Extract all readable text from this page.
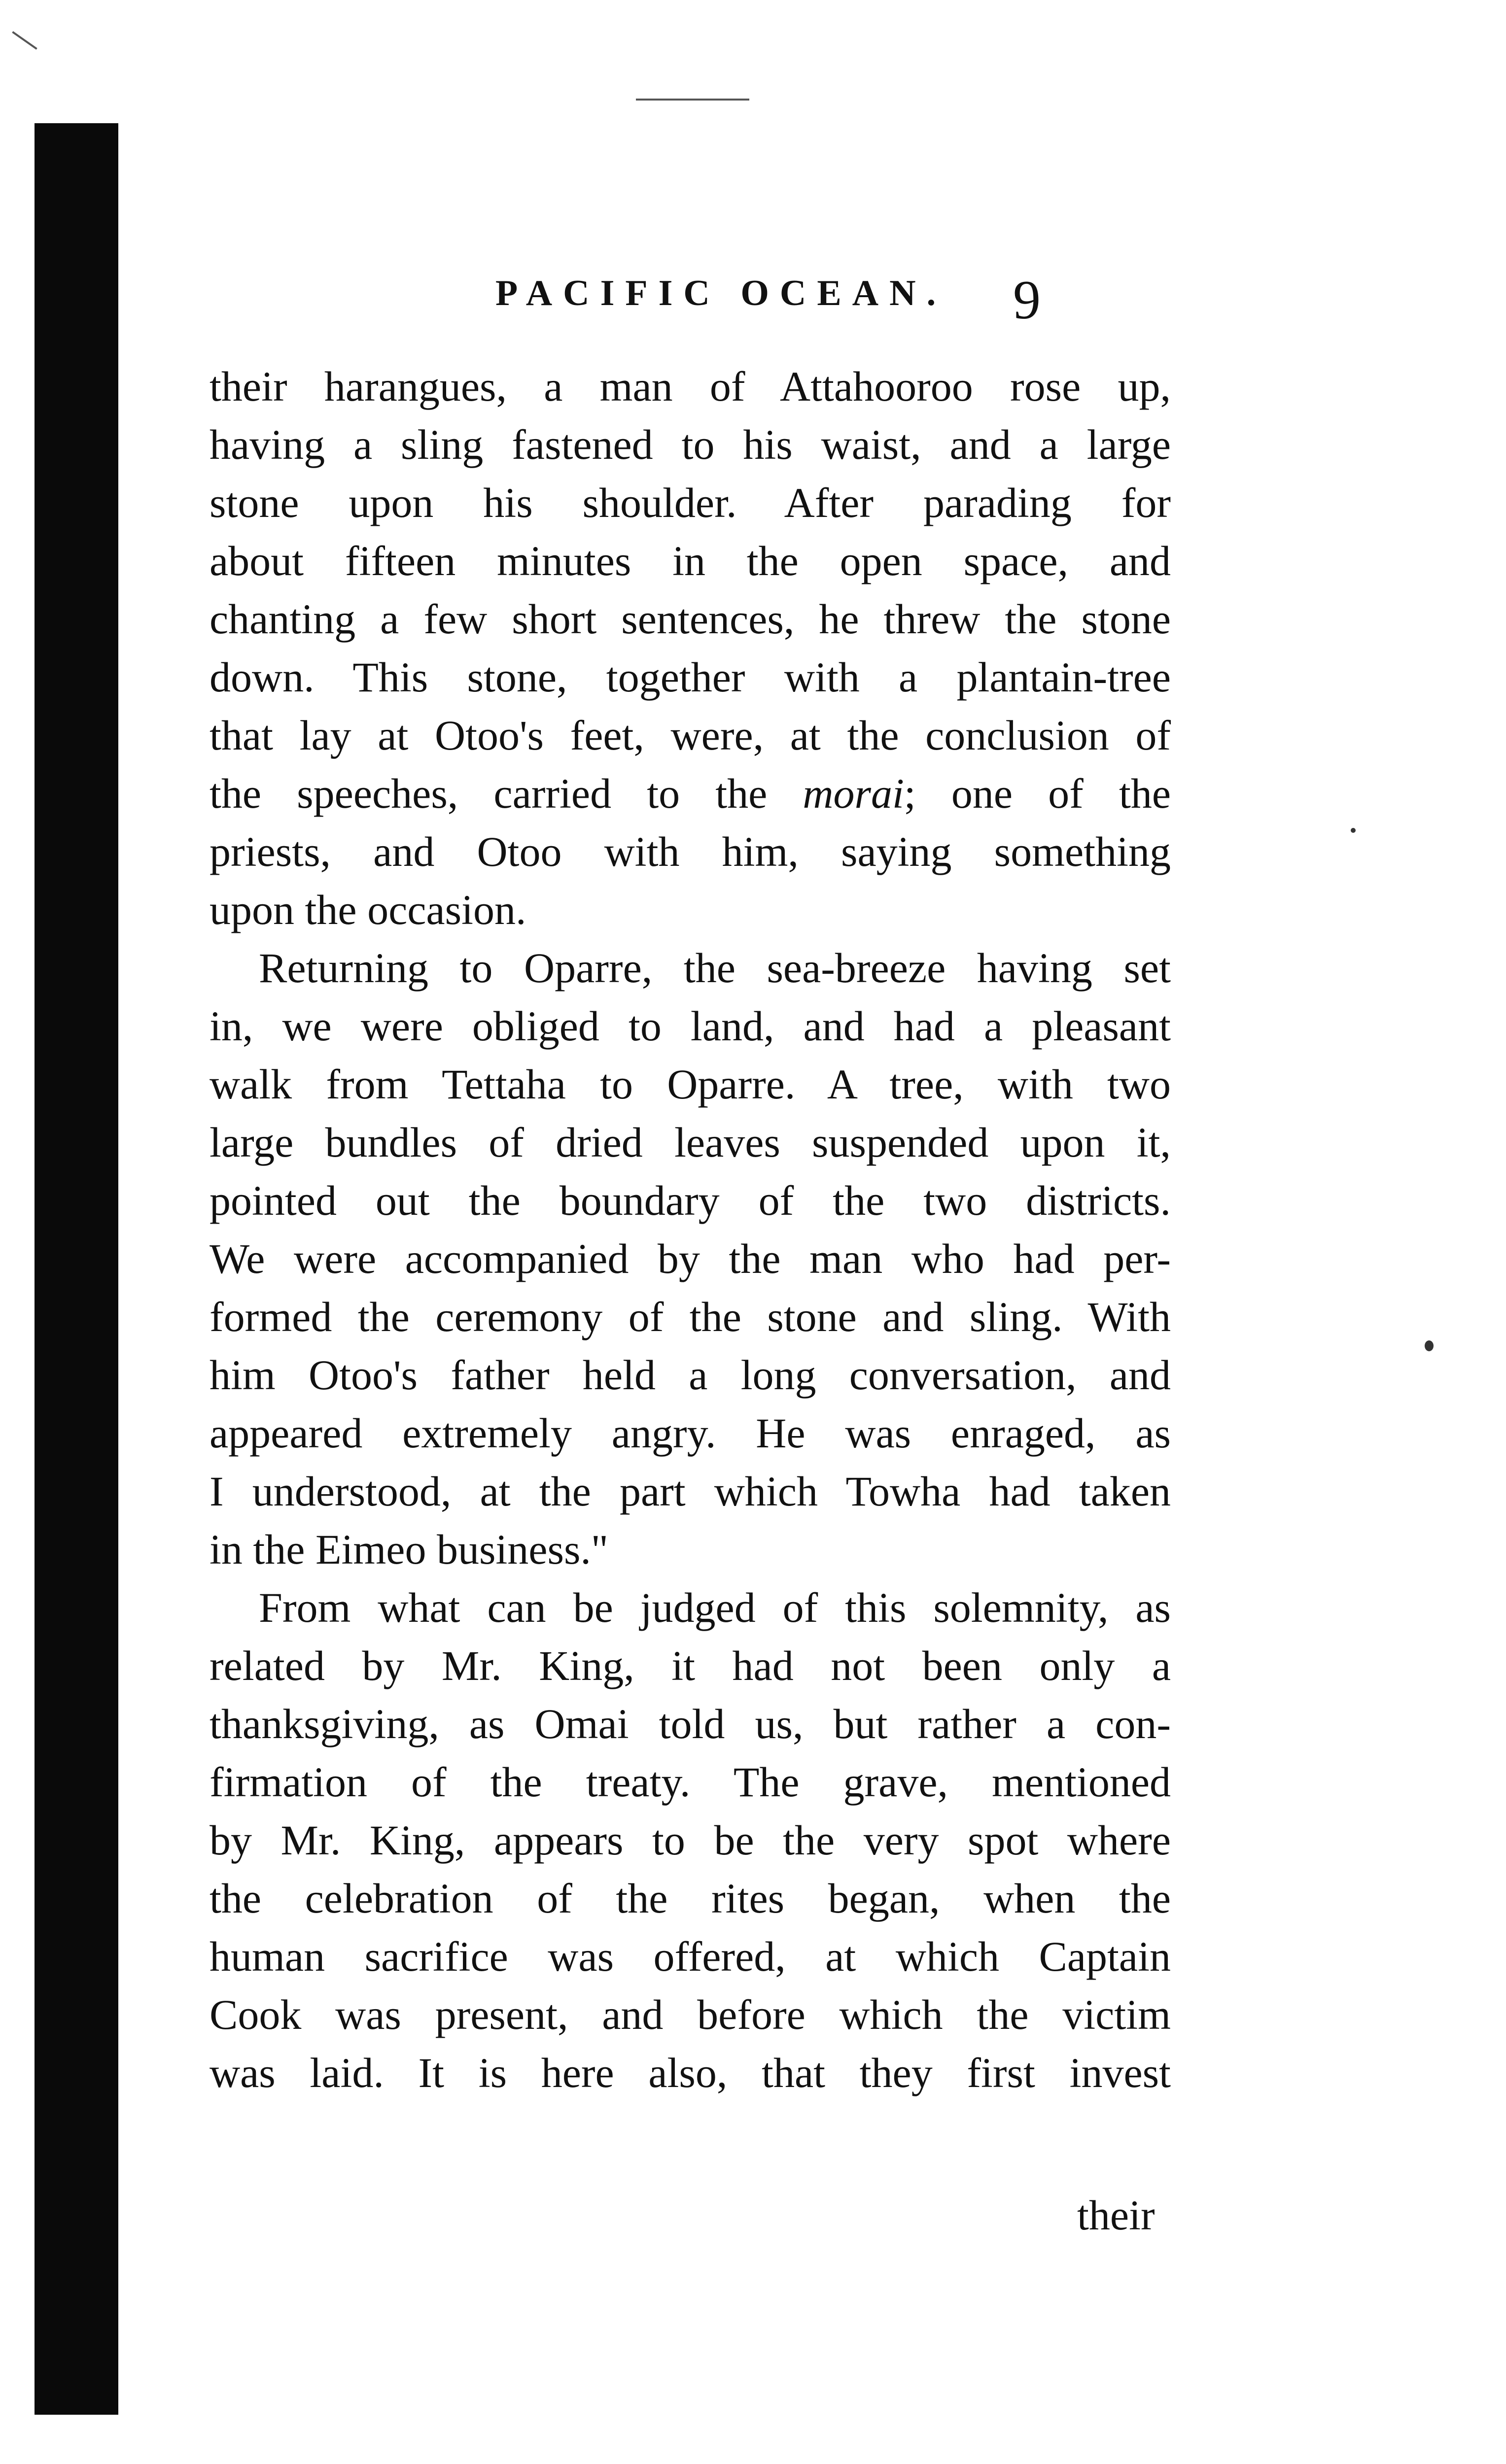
PACIFIC OCEAN. 9

their harangues, a man of Attahooroo rose up,

having a sling fastened to his waist, and a large

stone upon his shoulder. After parading for

about fifteen minutes in the open space, and

chanting a few short sentences, he threw the stone

down. This stone, together with a plantain-tree

that lay at Otoo's feet, were, at the conclusion of

the speeches, carried to the morai; one of the

priests, and Otoo with him, saying something

upon the occasion.

Returning to Oparre, the sea-breeze having set

in, we were obliged to land, and had a pleasant

walk from Tettaha to Oparre. A tree, with two

large bundles of dried leaves suspended upon it,

pointed out the boundary of the two districts.

We were accompanied by the man who had per-

formed the ceremony of the stone and sling. With

him Otoo's father held a long conversation, and

appeared extremely angry. He was enraged, as

I understood, at the part which Towha had taken

in the Eimeo business."

From what can be judged of this solemnity, as

related by Mr. King, it had not been only a

thanksgiving, as Omai told us, but rather a con-

firmation of the treaty. The grave, mentioned

by Mr. King, appears to be the very spot where

the celebration of the rites began, when the

human sacrifice was offered, at which Captain

Cook was present, and before which the victim

was laid. It is here also, that they first invest

their
